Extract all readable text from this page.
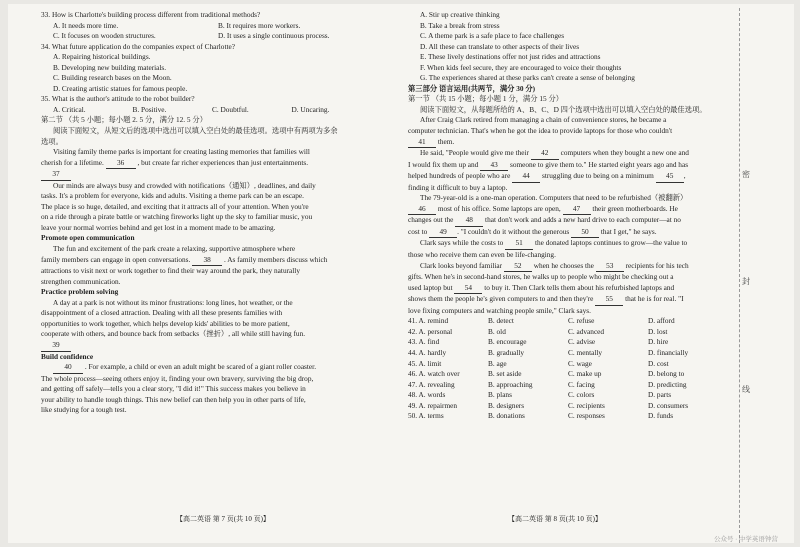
33. How is Charlotte's building process different from traditional methods?
A. It needs more time.	B. It requires more workers.
C. It focuses on wooden structures.	D. It uses a single continuous process.
34. What future application do the companies expect of Charlotte?
A. Repairing historical buildings.
B. Developing new building materials.
C. Building research bases on the Moon.
D. Creating artistic statues for famous people.
35. What is the author's attitude to the robot builder?
A. Critical.	B. Positive.	C. Doubtful.	D. Uncaring.
第二节 （共 5 小题；每小题 2. 5 分，满分 12. 5 分）
阅读下面短文，从短文后的选项中选出可以填入空白处的最佳选项。选项中有两项为多余
选项。
Visiting family theme parks is important for creating lasting memories that families will
cherish for a lifetime. 36 , but create far richer experiences than just entertainments.
37
Our minds are always busy and crowded with notifications（通知）, deadlines, and daily
tasks. It's a problem for everyone, kids and adults. Visiting a theme park can be an escape.
The place is so huge, detailed, and exciting that it attracts all of your attention. When you're
on a ride through a pirate battle or watching fireworks light up the sky to familiar music, you
leave your normal worries behind and get lost in a moment made to be amazing.
Promote open communication
The fun and excitement of the park create a relaxing, supportive atmosphere where
family members can engage in open conversations. 38 . As family members discuss which
attractions to visit next or work together to find their way around the park, they naturally
strengthen communication.
Practice problem solving
A day at a park is not without its minor frustrations: long lines, hot weather, or the
disappointment of a closed attraction. Dealing with all these presents families with
opportunities to work together, which helps develop kids' abilities to be more patient,
cooperate with others, and bounce back from setbacks（挫折）, all while still having fun.
39
Build confidence
40 . For example, a child or even an adult might be scared of a giant roller coaster.
The whole process—seeing others enjoy it, finding your own bravery, surviving the big drop,
and getting off safely—tells you a clear story, "I did it!" This success makes you believe in
your ability to handle tough things. This new belief can then help you in other parts of life,
like studying for a tough test.
A. Stir up creative thinking
B. Take a break from stress
C. A theme park is a safe place to face challenges
D. All these can translate to other aspects of their lives
E. These lively destinations offer not just rides and attractions
F. When kids feel secure, they are encouraged to voice their thoughts
G. The experiences shared at these parks can't create a sense of belonging
第三部分 语言运用(共两节，满分 30 分)
第一节 （共 15 小题；每小题 1 分，满分 15 分）
阅读下面短文，从每题所给的 A、B、C、D 四个选项中选出可以填入空白处的最佳选项。
After Craig Clark retired from managing a chain of convenience stores, he became a
computer technician. That's when he got the idea to provide laptops for those who couldn't
41 them.
He said, "People would give me their 42 computers when they bought a new one and
I would fix them up and 43 someone to give them to." He started eight years ago and has
helped hundreds of people who are 44 struggling due to being on a minimum 45 ,
finding it difficult to buy a laptop.
The 79-year-old is a one-man operation. Computers that need to be refurbished（被翻新）
46 most of his office. Some laptops are open, 47 their green motherboards. He
changes out the 48 that don't work and adds a new hard drive to each computer—at no
cost to 49 . "I couldn't do it without the generous 50 that I get," he says.
Clark says while the costs to 51 the donated laptops continues to grow—the value to
those who receive them can even be life-changing.
Clark looks beyond familiar 52 when he chooses the 53 recipients for his tech
gifts. When he's in second-hand stores, he walks up to people who might be checking out a
used laptop but 54 to buy it. Then Clark tells them about his refurbished laptops and
shows them the people he's given computers to and then they're 55 that he is for real. "I
love fixing computers and watching people smile," Clark says.
41. A. remind	B. detect	C. refuse	D. afford
42. A. personal	B. old	C. advanced	D. lost
43. A. find	B. encourage	C. advise	D. hire
44. A. hardly	B. gradually	C. mentally	D. financially
45. A. limit	B. age	C. wage	D. cost
46. A. watch over	B. set aside	C. make up	D. belong to
47. A. revealing	B. approaching	C. facing	D. predicting
48. A. words	B. plans	C. colors	D. parts
49. A. repairmen	B. designers	C. recipients	D. consumers
50. A. terms	B. donations	C. responses	D. funds
【高二英语 第 7 页(共 10 页)】	【高二英语 第 8 页(共 10 页)】
密
封
线
公众号 · 中学英语钟营
